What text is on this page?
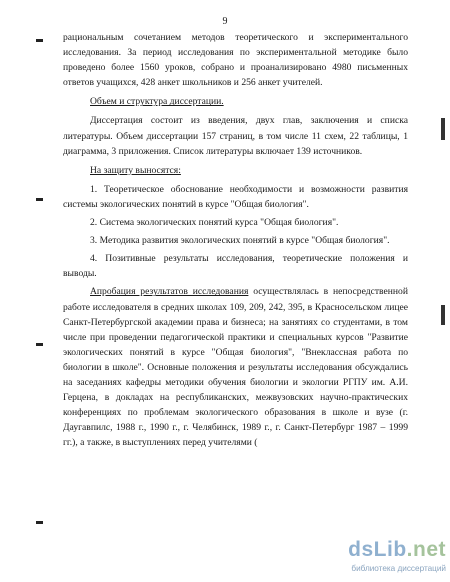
9

рациональным сочетанием методов теоретического и экспериментального исследования. За период исследования по экспериментальной методике было проведено более 1560 уроков, собрано и проанализировано 4980 письменных ответов учащихся, 428 анкет школьников и 256 анкет учителей.

Объем и структура диссертации.

Диссертация состоит из введения, двух глав, заключения и списка литературы. Объем диссертации 157 страниц, в том числе 11 схем, 22 таблицы, 1 диаграмма, 3 приложения. Список литературы включает 139 источников.

На защиту выносятся:

1. Теоретическое обоснование необходимости и возможности развития системы экологических понятий в курсе "Общая биология".

2. Система экологических понятий курса "Общая биология".

3. Методика развития экологических понятий в курсе "Общая биология".

4. Позитивные результаты исследования, теоретические положения и выводы.

Апробация результатов исследования осуществлялась в непосредственной работе исследователя в средних школах 109, 209, 242, 395, в Красносельском лицее Санкт-Петербургской академии права и бизнеса; на занятиях со студентами, в том числе при проведении педагогической практики и специальных курсов "Развитие экологических понятий в курсе "Общая биология", "Внеклассная работа по биологии в школе". Основные положения и результаты исследования обсуждались на заседаниях кафедры методики обучения биологии и экологии РГПУ им. А.И. Герцена, в докладах на республиканских, межвузовских научно-практических конференциях по проблемам экологического образования в школе и вузе (г. Даугавпилс, 1988 г., 1990 г., г. Челябинск, 1989 г., г. Санкт-Петербург 1987 – 1999 гг.), а также, в выступлениях перед учителями (

dsLib.net
библиотека диссертаций
